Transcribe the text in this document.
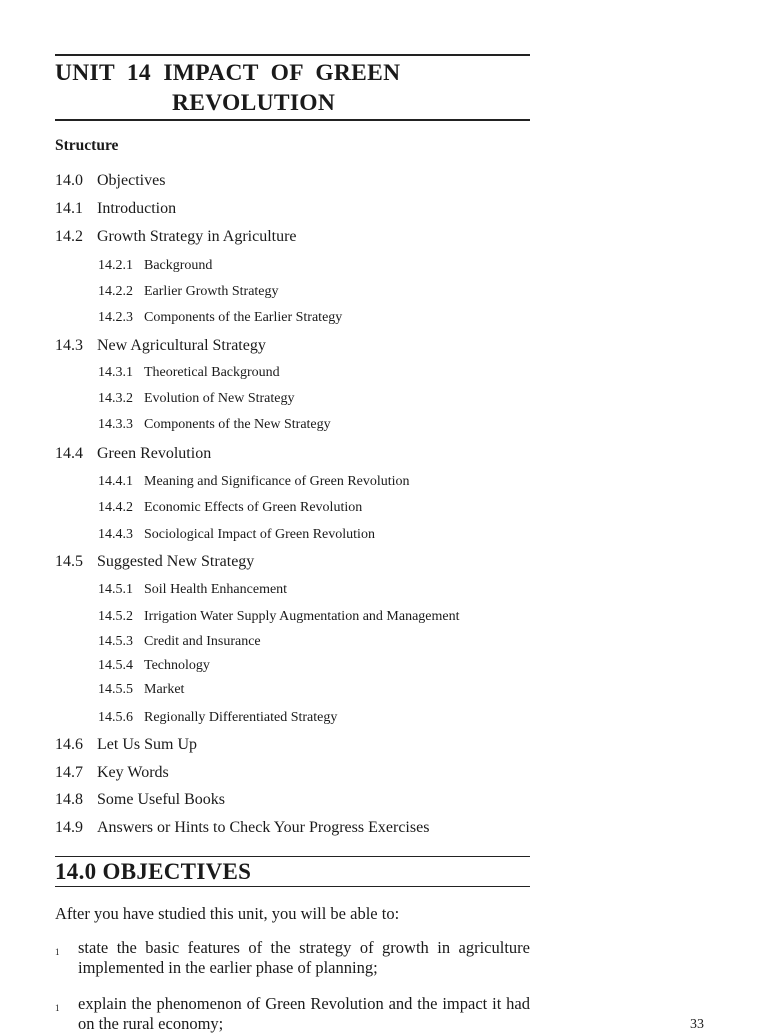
UNIT  14  IMPACT  OF  GREEN
REVOLUTION
Structure
14.0 Objectives
14.1 Introduction
14.2 Growth Strategy in Agriculture
14.2.1 Background
14.2.2 Earlier Growth Strategy
14.2.3 Components of the Earlier Strategy
14.3 New Agricultural Strategy
14.3.1 Theoretical Background
14.3.2 Evolution of New Strategy
14.3.3 Components of the New Strategy
14.4 Green Revolution
14.4.1 Meaning and Significance of Green Revolution
14.4.2 Economic Effects of Green Revolution
14.4.3 Sociological Impact of Green Revolution
14.5 Suggested New Strategy
14.5.1 Soil Health Enhancement
14.5.2 Irrigation Water Supply Augmentation and Management
14.5.3 Credit and Insurance
14.5.4 Technology
14.5.5 Market
14.5.6 Regionally Differentiated Strategy
14.6 Let Us Sum Up
14.7 Key Words
14.8 Some Useful Books
14.9 Answers or Hints to Check Your Progress Exercises
14.0 OBJECTIVES
After you have studied this unit, you will be able to:
1 state the basic features of the strategy of growth in agriculture implemented in the earlier phase of planning;
1 explain the phenomenon of Green Revolution and the impact it had on the rural economy;	33
